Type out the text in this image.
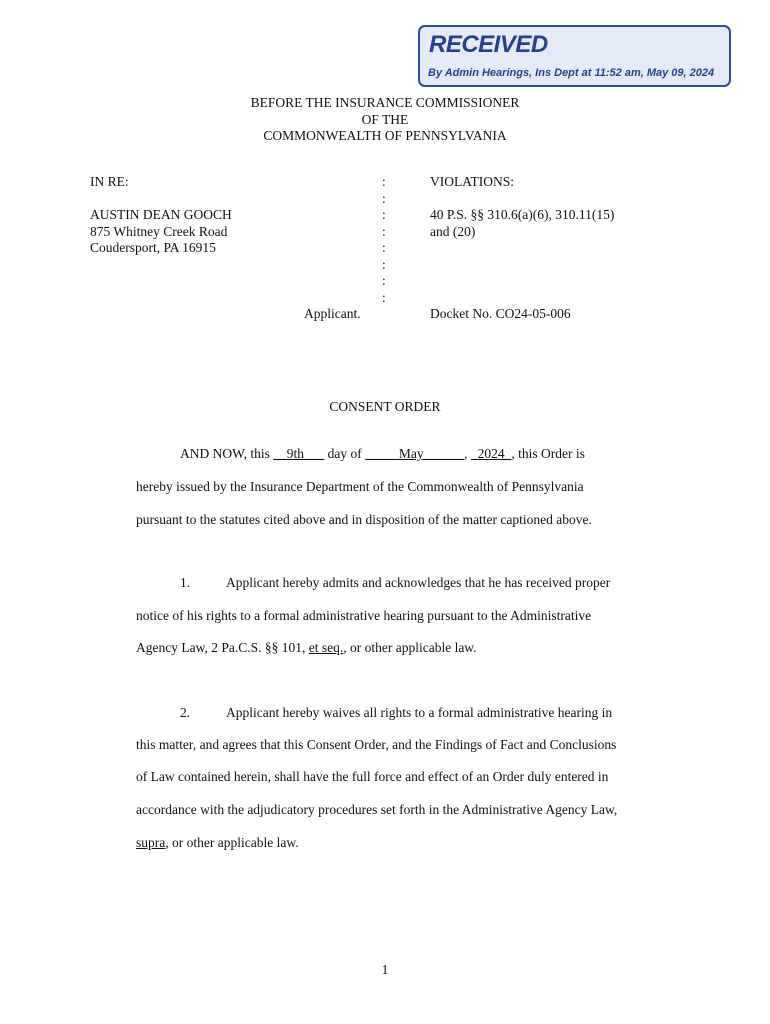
RECEIVED
By Admin Hearings, Ins Dept at 11:52 am, May 09, 2024
BEFORE THE INSURANCE COMMISSIONER
OF THE
COMMONWEALTH OF PENNSYLVANIA
IN RE:
AUSTIN DEAN GOOCH
875 Whitney Creek Road
Coudersport, PA 16915
Applicant.
:
:
:
:
:
:
:
:
VIOLATIONS:
40 P.S. §§ 310.6(a)(6), 310.11(15)
and (20)
Docket No. CO24-05-006
CONSENT ORDER
AND NOW, this __9th___ day of _____May______, _2024_, this Order is
hereby issued by the Insurance Department of the Commonwealth of Pennsylvania
pursuant to the statutes cited above and in disposition of the matter captioned above.
1.	Applicant hereby admits and acknowledges that he has received proper
notice of his rights to a formal administrative hearing pursuant to the Administrative
Agency Law, 2 Pa.C.S. §§ 101, et seq., or other applicable law.
2.	Applicant hereby waives all rights to a formal administrative hearing in
this matter, and agrees that this Consent Order, and the Findings of Fact and Conclusions
of Law contained herein, shall have the full force and effect of an Order duly entered in
accordance with the adjudicatory procedures set forth in the Administrative Agency Law,
supra, or other applicable law.
1
